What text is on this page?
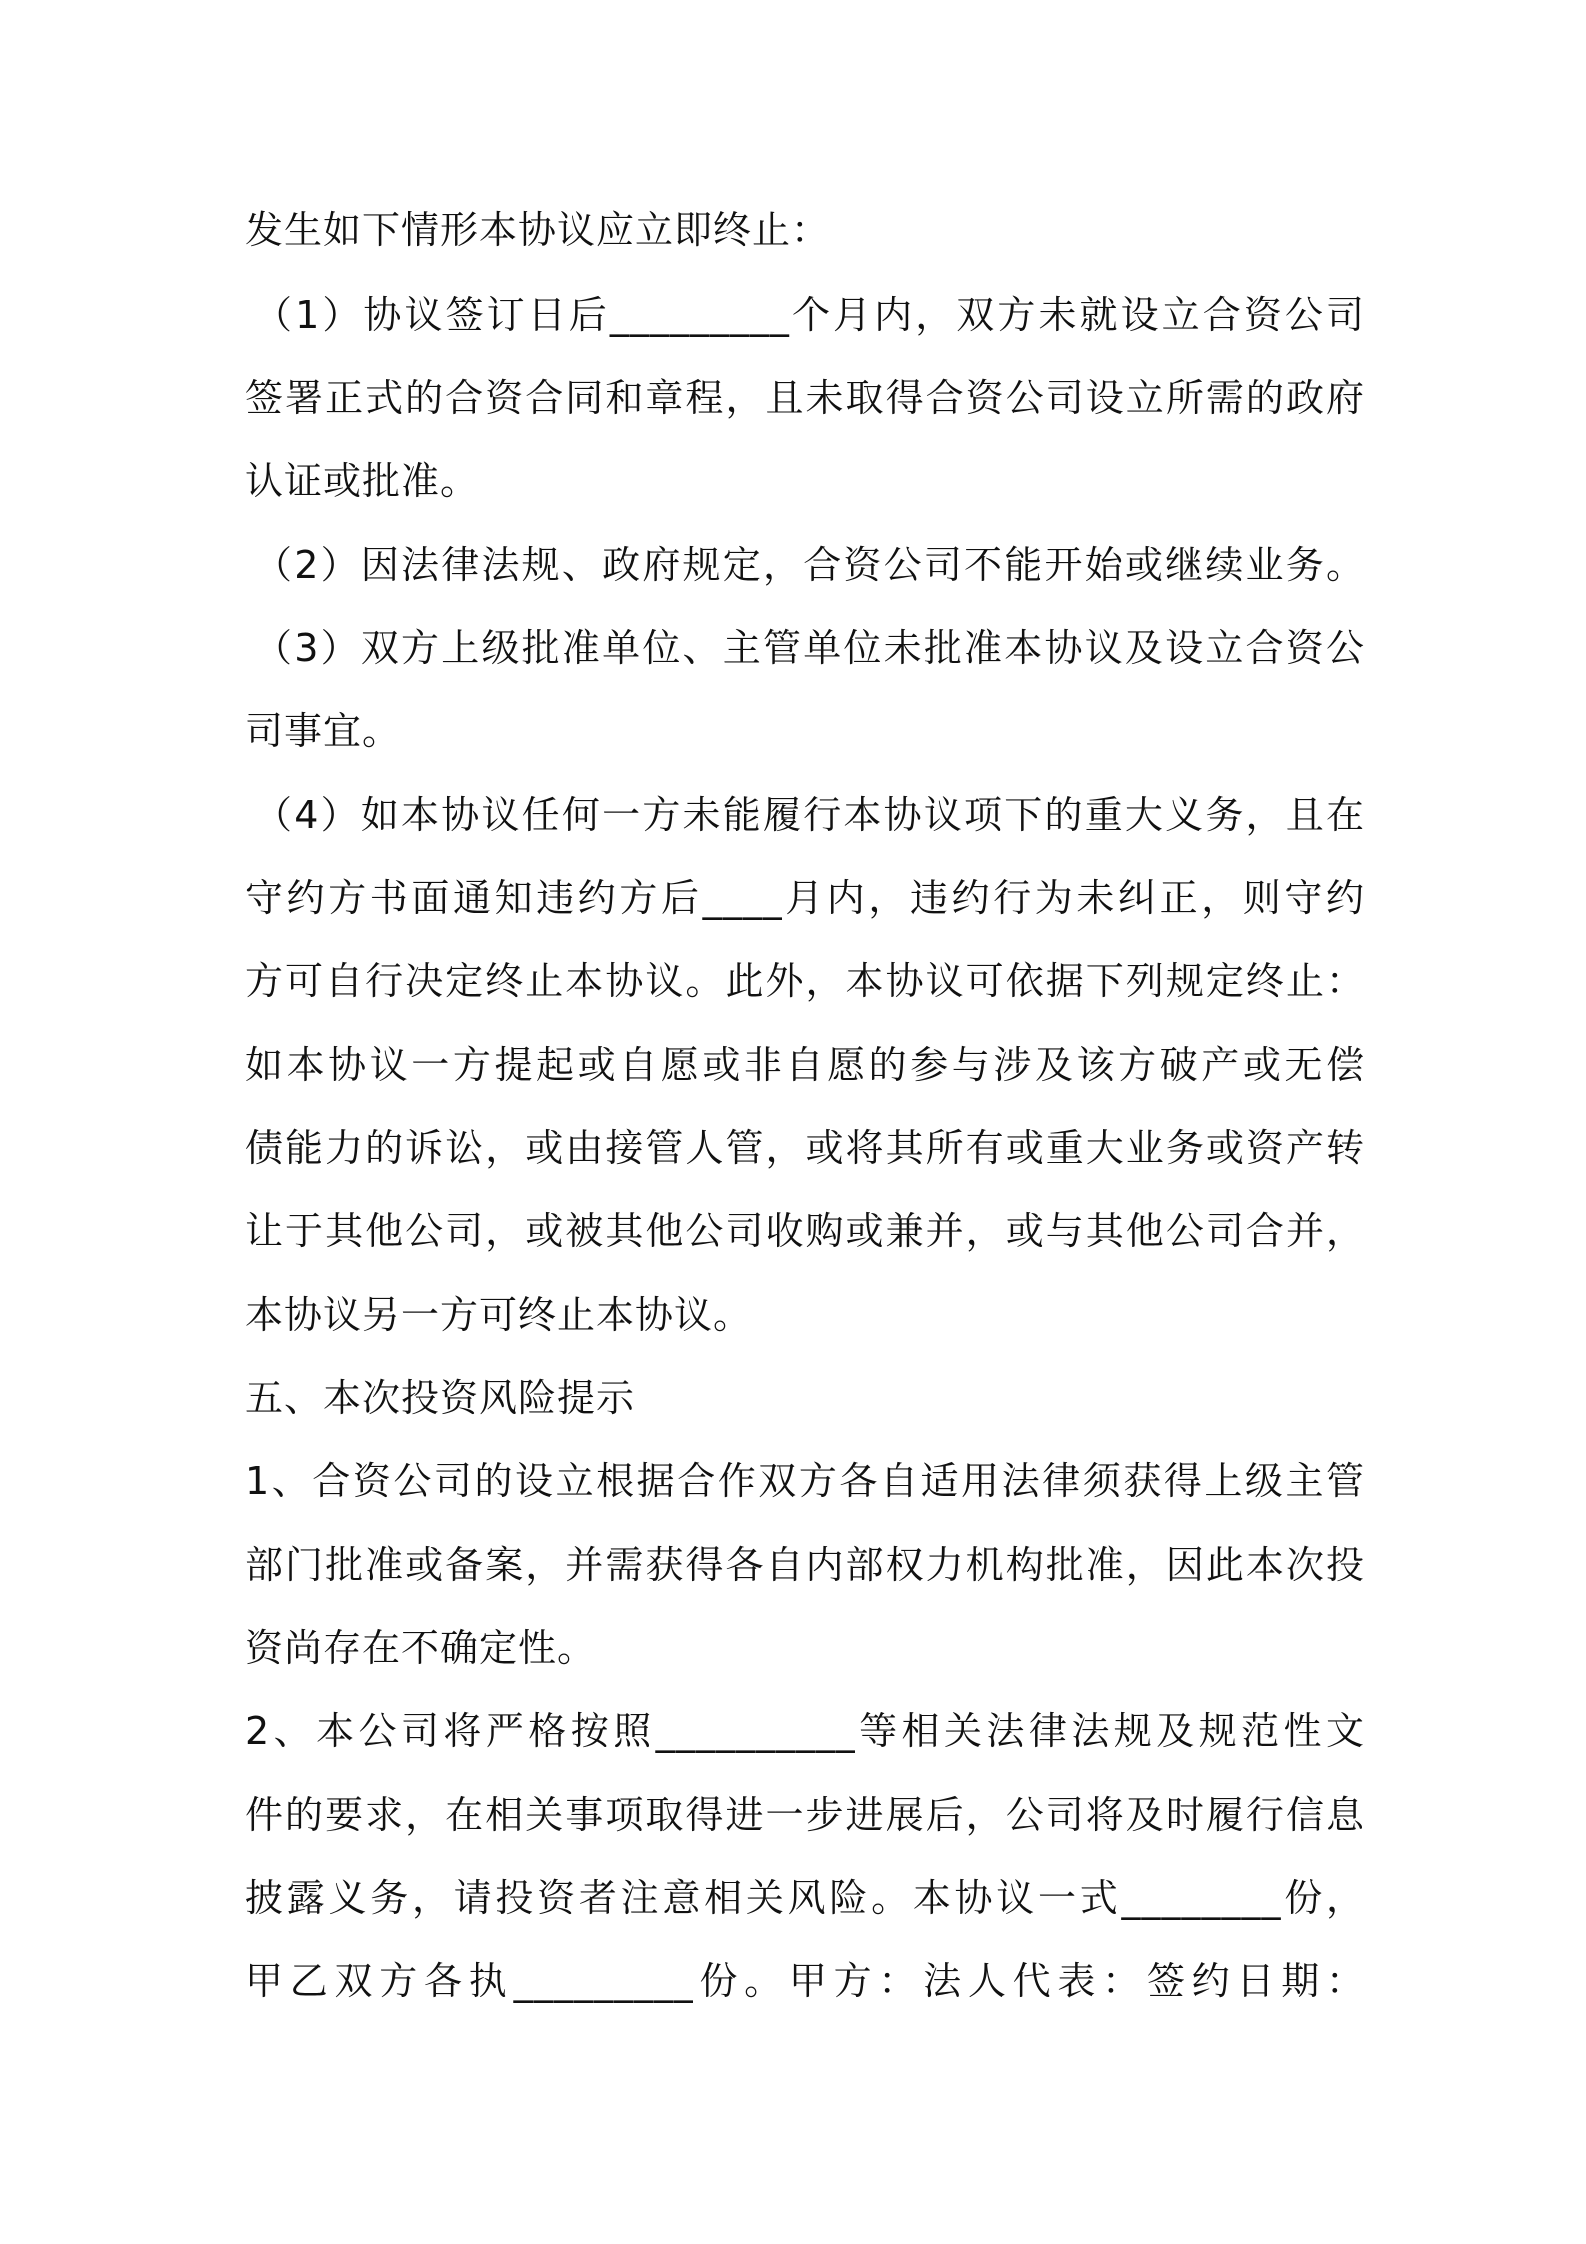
发生如下情形本协议应立即终止：
（1）协议签订日后_________个月内，双方未就设立合资公司
签署正式的合资合同和章程，且未取得合资公司设立所需的政府
认证或批准。
（2）因法律法规、政府规定，合资公司不能开始或继续业务。
（3）双方上级批准单位、主管单位未批准本协议及设立合资公
司事宜。
（4）如本协议任何一方未能履行本协议项下的重大义务，且在
守约方书面通知违约方后____月内，违约行为未纠正，则守约
方可自行决定终止本协议。此外，本协议可依据下列规定终止：
如本协议一方提起或自愿或非自愿的参与涉及该方破产或无偿
债能力的诉讼，或由接管人管，或将其所有或重大业务或资产转
让于其他公司，或被其他公司收购或兼并，或与其他公司合并，
本协议另一方可终止本协议。
五、本次投资风险提示
1、合资公司的设立根据合作双方各自适用法律须获得上级主管
部门批准或备案，并需获得各自内部权力机构批准，因此本次投
资尚存在不确定性。
2、本公司将严格按照__________等相关法律法规及规范性文
件的要求，在相关事项取得进一步进展后，公司将及时履行信息
披露义务，请投资者注意相关风险。本协议一式________份，
甲乙双方各执_________份。甲方：法人代表：签约日期：
